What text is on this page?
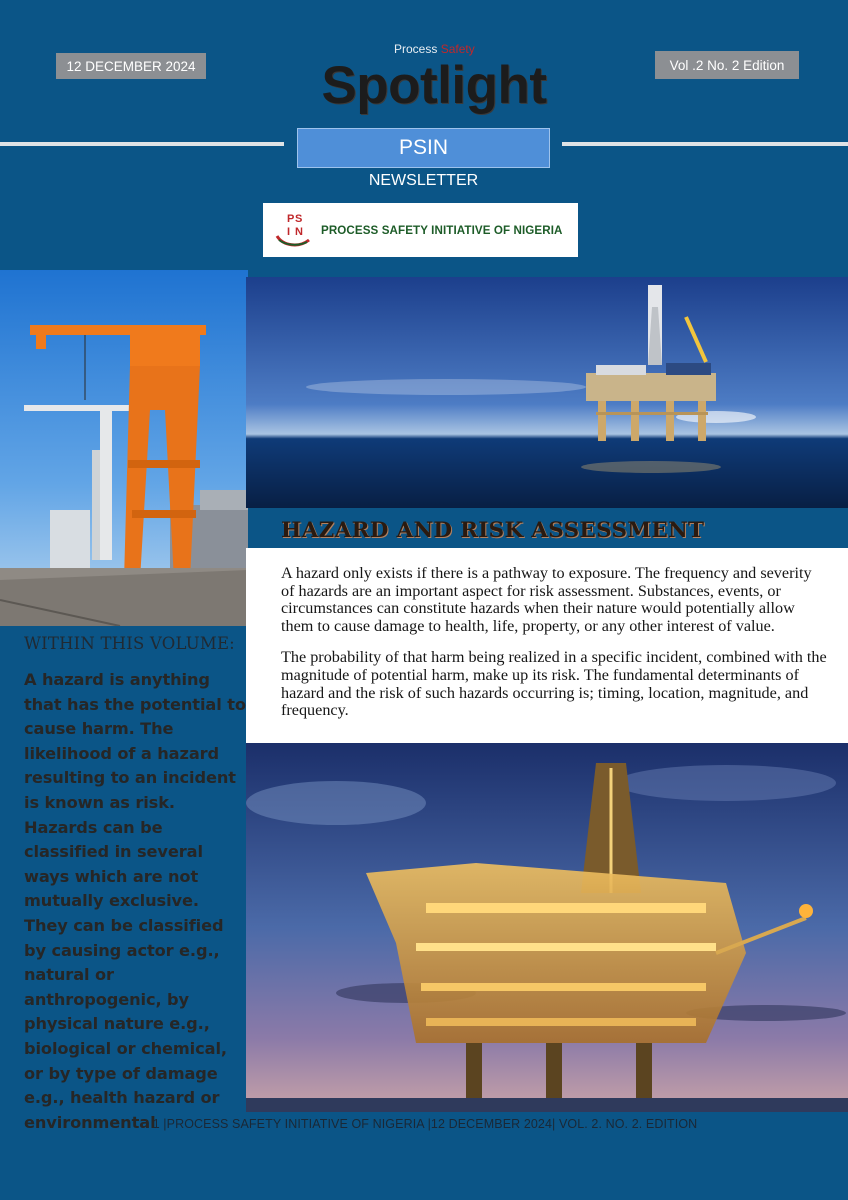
12 DECEMBER 2024	Vol .2 No. 2 Edition
Process Safety
Spotlight
PSIN
NEWSLETTER
P S
I N PROCESS SAFETY INITIATIVE OF NIGERIA
HAZARD AND RISK ASSESSMENT

A hazard only exists if there is a pathway to exposure. The frequency and severity of hazards are an important aspect for risk assessment. Substances, events, or circumstances can constitute hazards when their nature would potentially allow them to cause damage to health, life, property, or any other interest of value.

The probability of that harm being realized in a specific incident, combined with the magnitude of potential harm, make up its risk. The fundamental determinants of hazard and the risk of such hazards occurring is; timing, location, magnitude, and frequency.

WITHIN THIS VOLUME:
A hazard is anything that has the potential to cause harm. The likelihood of a hazard resulting to an incident is known as risk. Hazards can be classified in several ways which are not mutually exclusive. They can be classified by causing actor e.g., natural or anthropogenic, by physical nature e.g., biological or chemical, or by type of damage e.g., health hazard or environmental
1 |PROCESS SAFETY INITIATIVE OF NIGERIA |12 DECEMBER 2024| VOL. 2. NO. 2. EDITION
